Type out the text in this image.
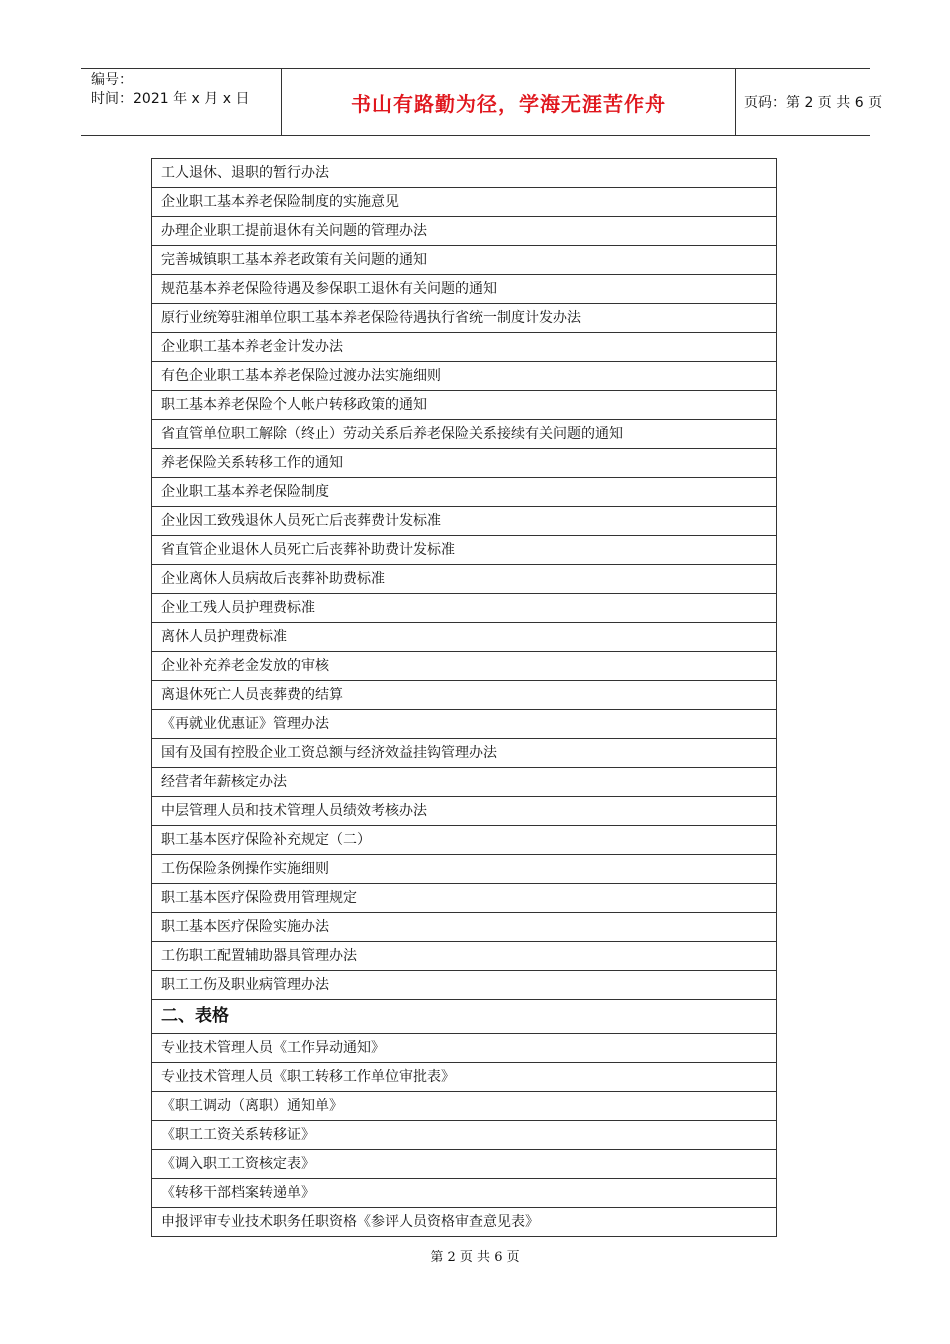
编号：
时间：2021 年 x 月 x 日	书山有路勤为径，学海无涯苦作舟	页码：第 2 页 共 6 页
工人退休、退职的暂行办法
企业职工基本养老保险制度的实施意见
办理企业职工提前退休有关问题的管理办法
完善城镇职工基本养老政策有关问题的通知
规范基本养老保险待遇及参保职工退休有关问题的通知
原行业统筹驻湘单位职工基本养老保险待遇执行省统一制度计发办法
企业职工基本养老金计发办法
有色企业职工基本养老保险过渡办法实施细则
职工基本养老保险个人帐户转移政策的通知
省直管单位职工解除（终止）劳动关系后养老保险关系接续有关问题的通知
养老保险关系转移工作的通知
企业职工基本养老保险制度
企业因工致残退休人员死亡后丧葬费计发标准
省直管企业退休人员死亡后丧葬补助费计发标准
企业离休人员病故后丧葬补助费标准
企业工残人员护理费标准
离休人员护理费标准
企业补充养老金发放的审核
离退休死亡人员丧葬费的结算
《再就业优惠证》管理办法
国有及国有控股企业工资总额与经济效益挂钩管理办法
经营者年薪核定办法
中层管理人员和技术管理人员绩效考核办法
职工基本医疗保险补充规定（二）
工伤保险条例操作实施细则
职工基本医疗保险费用管理规定
职工基本医疗保险实施办法
工伤职工配置辅助器具管理办法
职工工伤及职业病管理办法
二、表格
专业技术管理人员《工作异动通知》
专业技术管理人员《职工转移工作单位审批表》
《职工调动（离职）通知单》
《职工工资关系转移证》
《调入职工工资核定表》
《转移干部档案转递单》
申报评审专业技术职务任职资格《参评人员资格审查意见表》
第 2 页 共 6 页
